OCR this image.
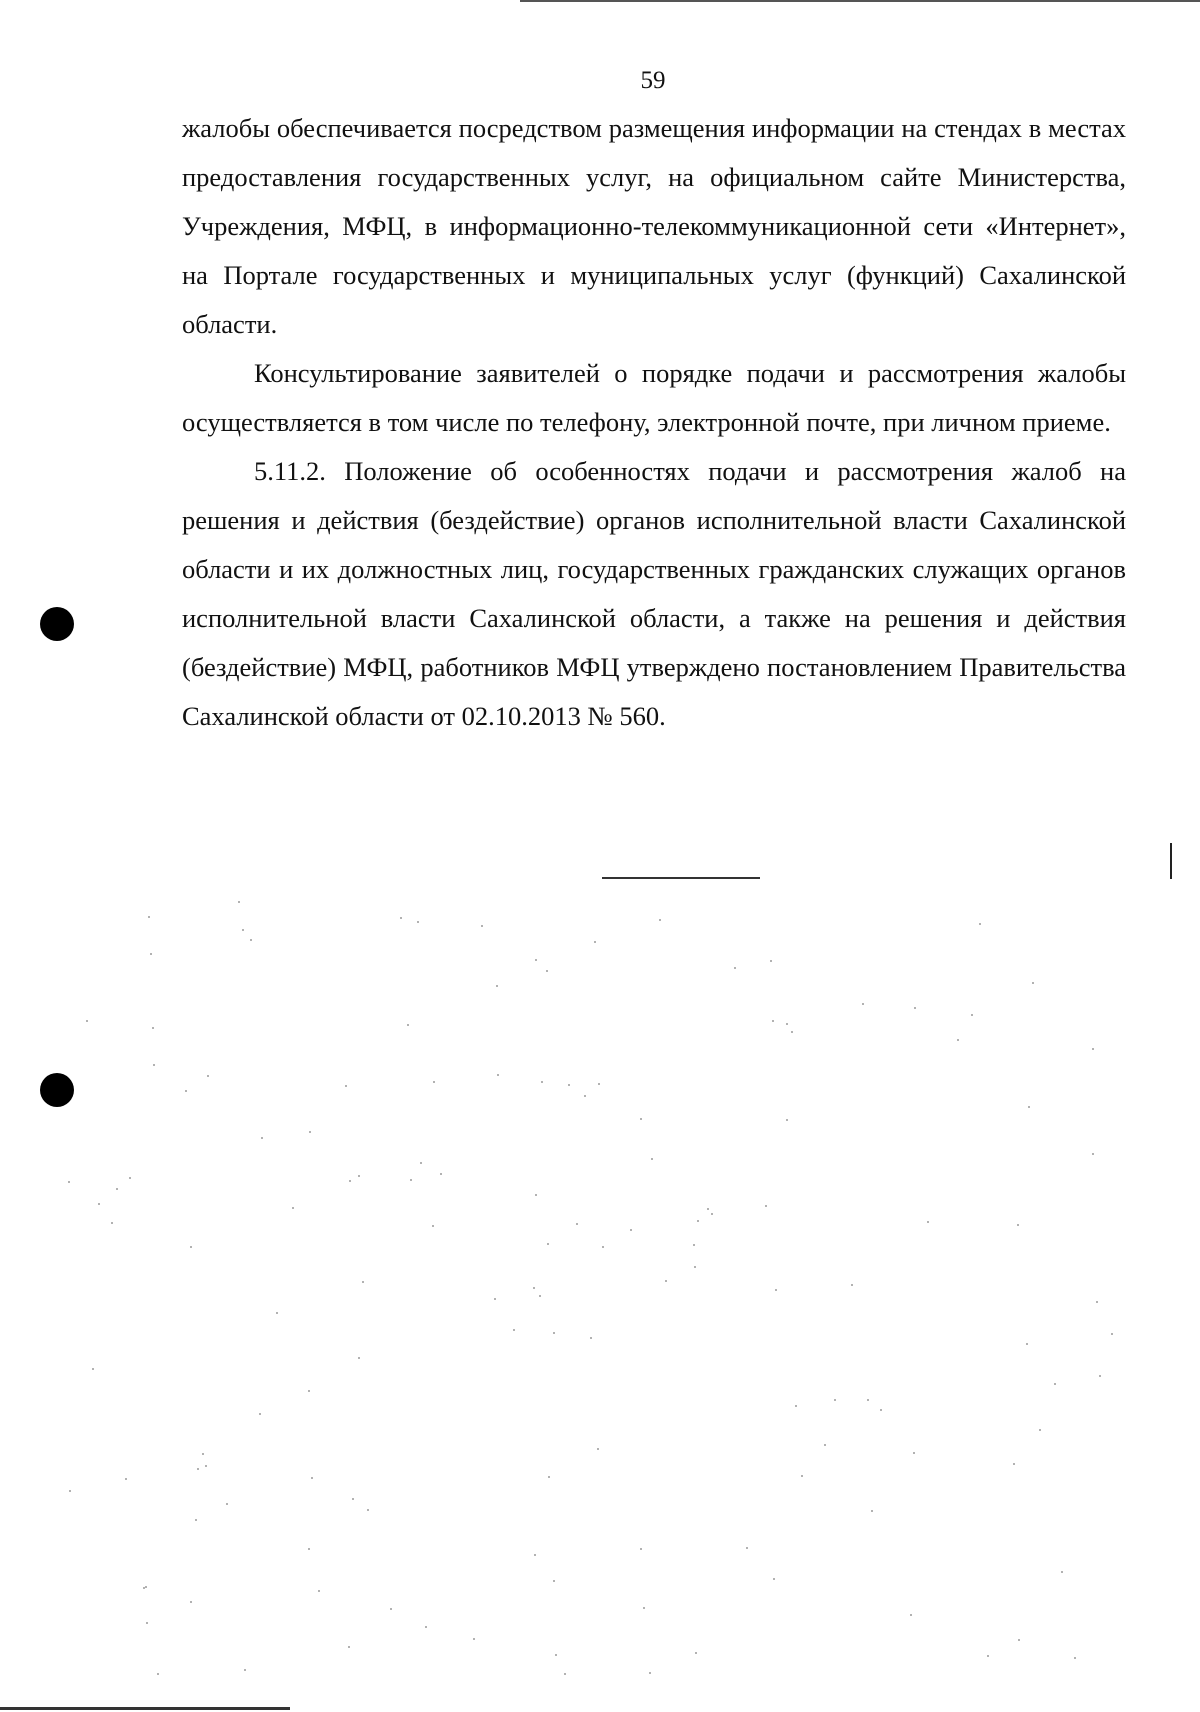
59

жалобы обеспечивается посредством размещения информации на стендах в местах предоставления государственных услуг, на официальном сайте Министерства, Учреждения, МФЦ, в информационно-телекоммуникационной сети «Интернет», на Портале государственных и муниципальных услуг (функций) Сахалинской области.

Консультирование заявителей о порядке подачи и рассмотрения жалобы осуществляется в том числе по телефону, электронной почте, при личном приеме.

5.11.2. Положение об особенностях подачи и рассмотрения жалоб на решения и действия (бездействие) органов исполнительной власти Сахалинской области и их должностных лиц, государственных гражданских служащих органов исполнительной власти Сахалинской области, а также на решения и действия (бездействие) МФЦ, работников МФЦ утверждено постановлением Правительства Сахалинской области от 02.10.2013 № 560.
